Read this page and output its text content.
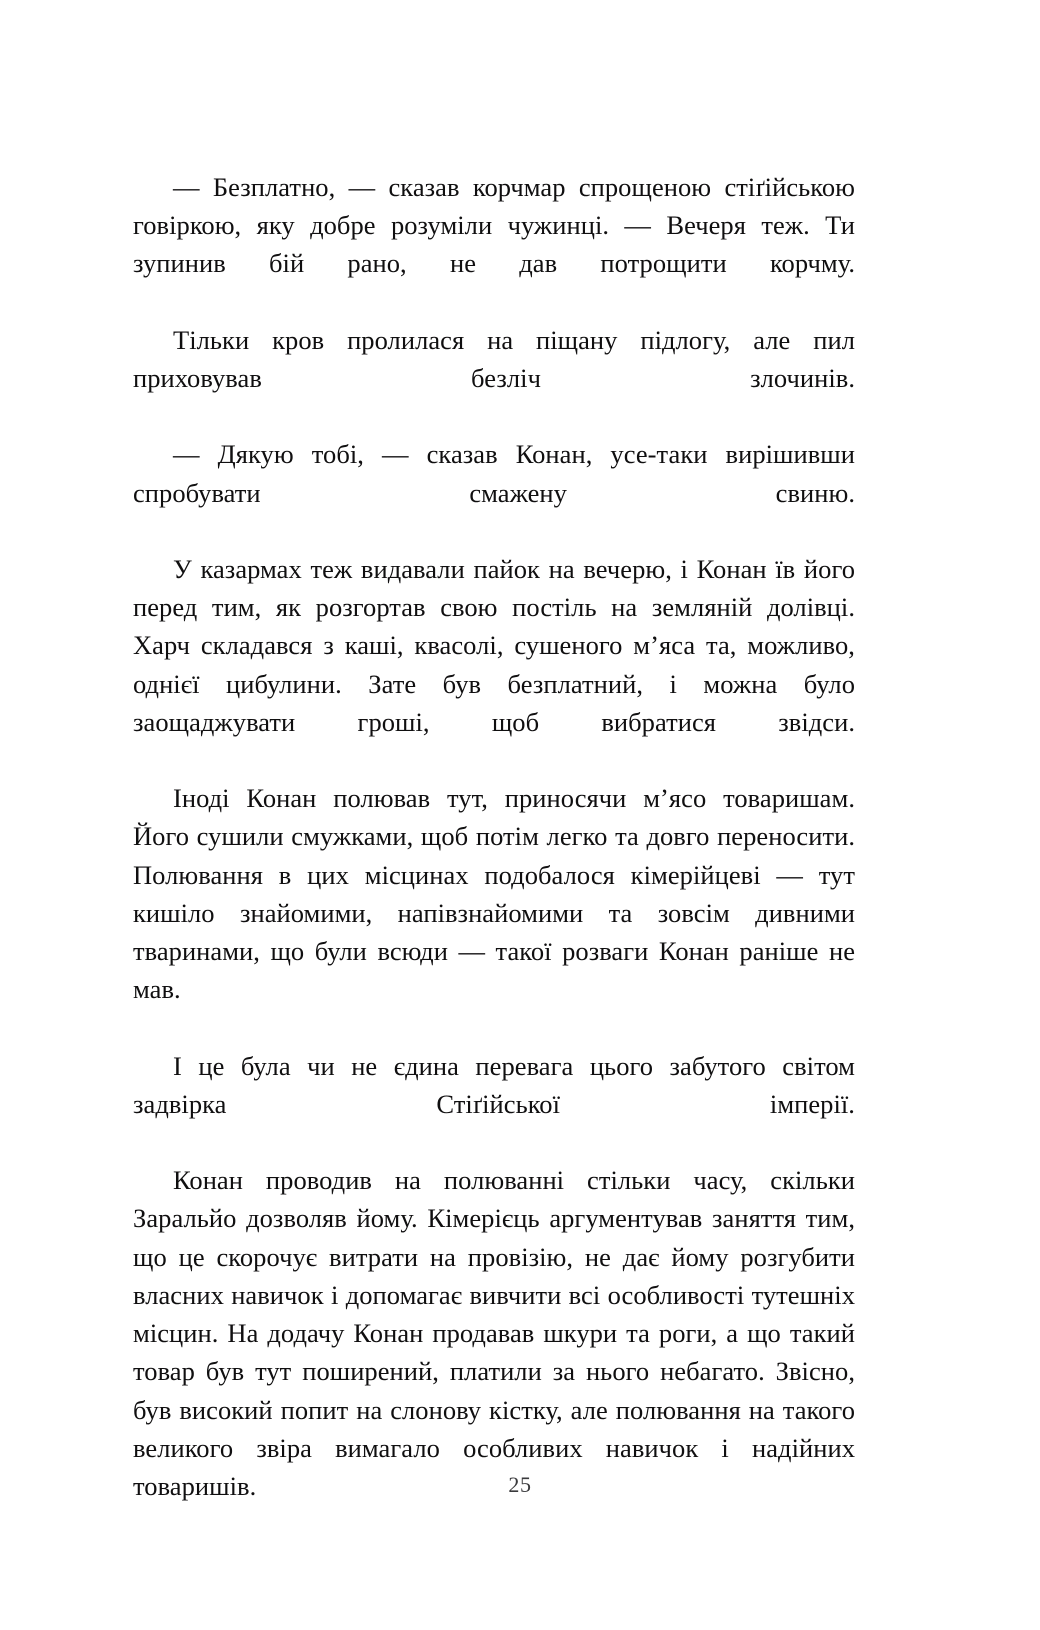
— Безплатно, — сказав корчмар спрощеною стіґійською говіркою, яку добре розуміли чужинці. — Вечеря теж. Ти зупинив бій рано, не дав потрощити корчму.

Тільки кров пролилася на піщану підлогу, але пил приховував безліч злочинів.

— Дякую тобі, — сказав Конан, усе-таки вирішивши спробувати смажену свиню.

У казармах теж видавали пайок на вечерю, і Конан їв його перед тим, як розгортав свою постіль на земляній долівці. Харч складався з каші, квасолі, сушеного м’яса та, можливо, однієї цибулини. Зате був безплатний, і можна було заощаджувати гроші, щоб вибратися звідси.

Іноді Конан полював тут, приносячи м’ясо товаришам. Його сушили смужками, щоб потім легко та довго переносити. Полювання в цих місцинах подобалося кімерійцеві — тут кишіло знайомими, напівзнайомими та зовсім дивними тваринами, що були всюди — такої розваги Конан раніше не мав.

І це була чи не єдина перевага цього забутого світом задвірка Стіґійської імперії.

Конан проводив на полюванні стільки часу, скільки Заральйо дозволяв йому. Кімерієць аргументував заняття тим, що це скорочує витрати на провізію, не дає йому розгубити власних навичок і допомагає вивчити всі особливості тутешніх місцин. На додачу Конан продавав шкури та роги, а що такий товар був тут поширений, платили за нього небагато. Звісно, був високий попит на слонову кістку, але полювання на такого великого звіра вимагало особливих навичок і надійних товаришів.	25
